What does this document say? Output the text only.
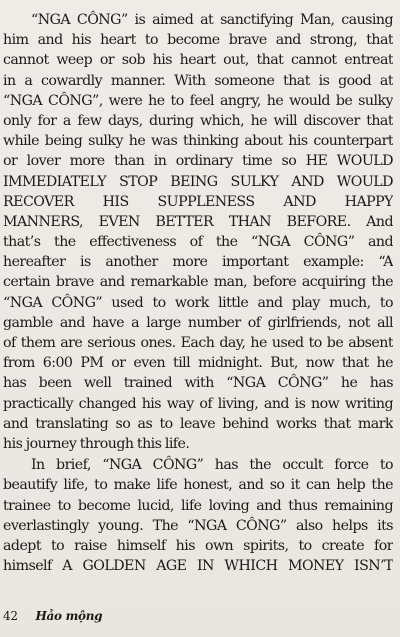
“NGA CÔNG” is aimed at sanctifying Man, causing
him and his heart to become brave and strong, that
cannot weep or sob his heart out, that cannot entreat
in a cowardly manner. With someone that is good at
“NGA CÔNG”, were he to feel angry, he would be sulky
only for a few days, during which, he will discover that
while being sulky he was thinking about his counterpart
or lover more than in ordinary time so HE WOULD
IMMEDIATELY STOP BEING SULKY AND WOULD
RECOVER HIS SUPPLENESS AND HAPPY
MANNERS, EVEN BETTER THAN BEFORE. And
that’s the effectiveness of the “NGA CÔNG” and
hereafter is another more important example: “A
certain brave and remarkable man, before acquiring the
“NGA CÔNG” used to work little and play much, to
gamble and have a large number of girlfriends, not all
of them are serious ones. Each day, he used to be absent
from 6:00 PM or even till midnight. But, now that he
has been well trained with “NGA CÔNG” he has
practically changed his way of living, and is now writing
and translating so as to leave behind works that mark
his journey through this life.
In brief, “NGA CÔNG” has the occult force to
beautify life, to make life honest, and so it can help the
trainee to become lucid, life loving and thus remaining
everlastingly young. The “NGA CÔNG” also helps its
adept to raise himself his own spirits, to create for
himself A GOLDEN AGE IN WHICH MONEY ISN’T
42 Hảo mộng
